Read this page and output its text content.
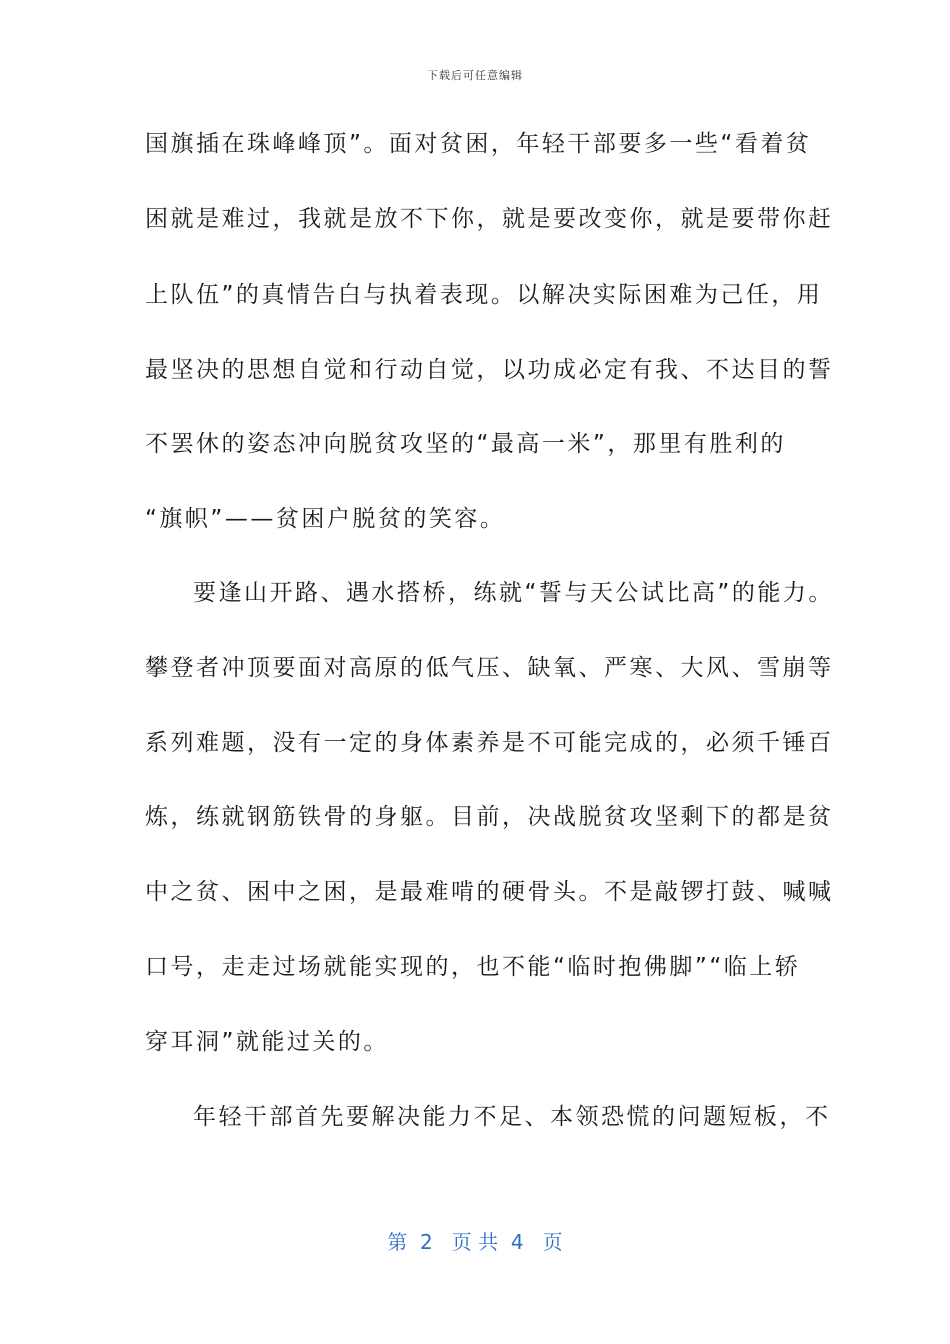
下载后可任意编辑
国旗插在珠峰峰顶”。面对贫困，年轻干部要多一些“看着贫
困就是难过，我就是放不下你，就是要改变你，就是要带你赶
上队伍”的真情告白与执着表现。以解决实际困难为己任，用
最坚决的思想自觉和行动自觉，以功成必定有我、不达目的誓
不罢休的姿态冲向脱贫攻坚的“最高一米”，那里有胜利的
“旗帜”——贫困户脱贫的笑容。
要逢山开路、遇水搭桥，练就“誓与天公试比高”的能力。
攀登者冲顶要面对高原的低气压、缺氧、严寒、大风、雪崩等
系列难题，没有一定的身体素养是不可能完成的，必须千锤百
炼，练就钢筋铁骨的身躯。目前，决战脱贫攻坚剩下的都是贫
中之贫、困中之困，是最难啃的硬骨头。不是敲锣打鼓、喊喊
口号，走走过场就能实现的，也不能“临时抱佛脚”“临上轿
穿耳洞”就能过关的。
年轻干部首先要解决能力不足、本领恐慌的问题短板，不
第  2   页 共  4   页
